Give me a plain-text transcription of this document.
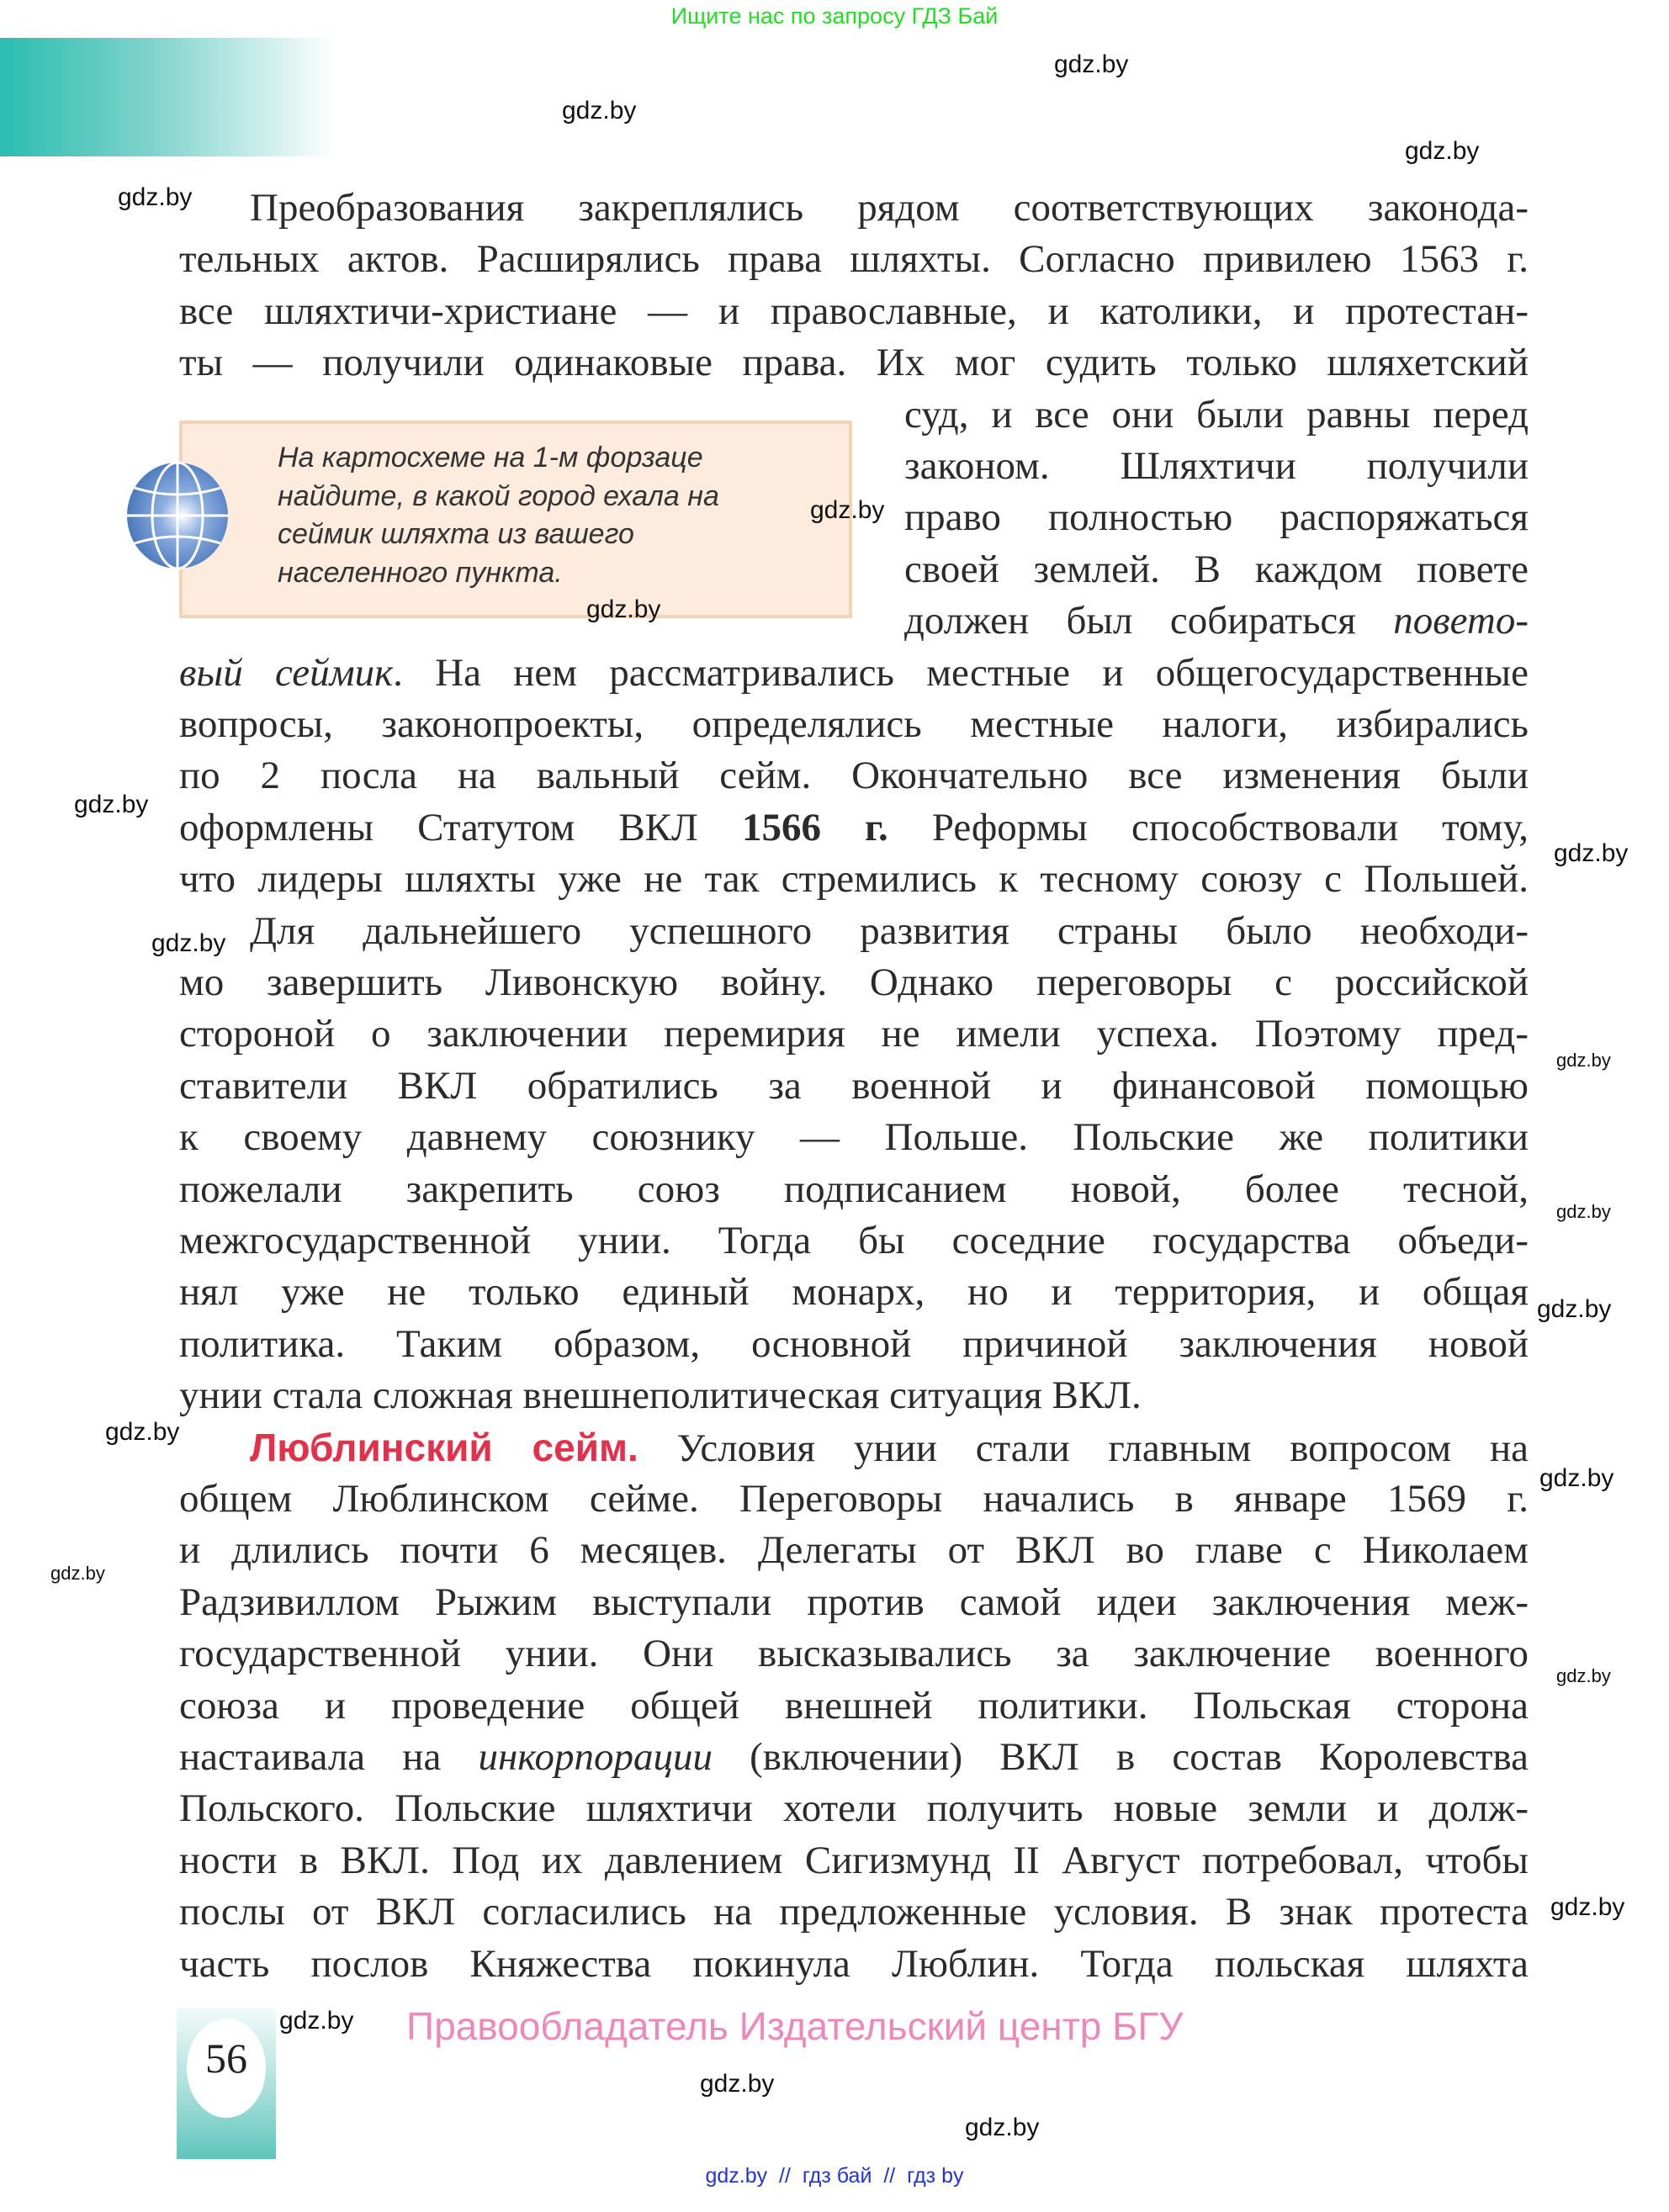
Ищите нас по запросу ГДЗ Бай
Преобразования закреплялись рядом соответствующих законода-
тельных актов. Расширялись права шляхты. Согласно привилею 1563 г.
все шляхтичи-христиане — и православные, и католики, и протестан-
ты — получили одинаковые права. Их мог судить только шляхетский
суд, и все они были равны перед
законом. Шляхтичи получили
право полностью распоряжаться
своей землей. В каждом повете
должен был собираться повето-
вый сеймик. На нем рассматривались местные и общегосударственные
вопросы, законопроекты, определялись местные налоги, избирались
по 2 посла на вальный сейм. Окончательно все изменения были
оформлены Статутом ВКЛ 1566 г. Реформы способствовали тому,
что лидеры шляхты уже не так стремились к тесному союзу с Польшей.
Для дальнейшего успешного развития страны было необходи-
мо завершить Ливонскую войну. Однако переговоры с российской
стороной о заключении перемирия не имели успеха. Поэтому пред-
ставители ВКЛ обратились за военной и финансовой помощью
к своему давнему союзнику — Польше. Польские же политики
пожелали закрепить союз подписанием новой, более тесной,
межгосударственной унии. Тогда бы соседние государства объеди-
нял уже не только единый монарх, но и территория, и общая
политика. Таким образом, основной причиной заключения новой
унии стала сложная внешнеполитическая ситуация ВКЛ.
Люблинский сейм. Условия унии стали главным вопросом на
общем Люблинском сейме. Переговоры начались в январе 1569 г.
и длились почти 6 месяцев. Делегаты от ВКЛ во главе с Николаем
Радзивиллом Рыжим выступали против самой идеи заключения меж-
государственной унии. Они высказывались за заключение военного
союза и проведение общей внешней политики. Польская сторона
настаивала на инкорпорации (включении) ВКЛ в состав Королевства
Польского. Польские шляхтичи хотели получить новые земли и долж-
ности в ВКЛ. Под их давлением Сигизмунд II Август потребовал, чтобы
послы от ВКЛ согласились на предложенные условия. В знак протеста
часть послов Княжества покинула Люблин. Тогда польская шляхта
На картосхеме на 1-м форзаце
найдите, в какой город ехала на
сеймик шляхта из вашего
населенного пункта.
gdz.by
gdz.by
gdz.by
gdz.by
gdz.by
gdz.by
gdz.by
gdz.by
gdz.by
gdz.by
gdz.by
gdz.by
gdz.by
gdz.by
gdz.by
gdz.by
gdz.by
gdz.by
gdz.by
gdz.by
56
Правообладатель Издательский центр БГУ
gdz.by  //  гдз бай  //  гдз by
